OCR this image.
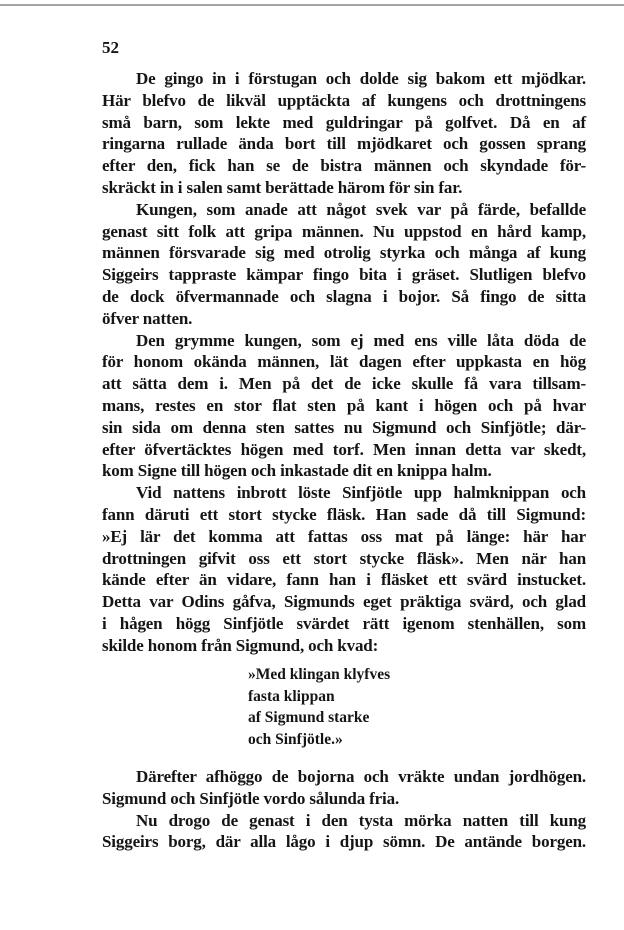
52
De gingo in i förstugan och dolde sig bakom ett mjödkar.
Här blefvo de likväl upptäckta af kungens och drottningens
små barn, som lekte med guldringar på golfvet. Då en af
ringarna rullade ända bort till mjödkaret och gossen sprang
efter den, fick han se de bistra männen och skyndade för-
skräckt in i salen samt berättade härom för sin far.
Kungen, som anade att något svek var på färde, befallde
genast sitt folk att gripa männen. Nu uppstod en hård kamp,
männen försvarade sig med otrolig styrka och många af kung
Siggeirs tappraste kämpar fingo bita i gräset. Slutligen blefvo
de dock öfvermannade och slagna i bojor. Så fingo de sitta
öfver natten.
Den grymme kungen, som ej med ens ville låta döda de
för honom okända männen, lät dagen efter uppkasta en hög
att sätta dem i. Men på det de icke skulle få vara tillsam-
mans, restes en stor flat sten på kant i högen och på hvar
sin sida om denna sten sattes nu Sigmund och Sinfjötle; där-
efter öfvertäcktes högen med torf. Men innan detta var skedt,
kom Signe till högen och inkastade dit en knippa halm.
Vid nattens inbrott löste Sinfjötle upp halmknippan och
fann däruti ett stort stycke fläsk. Han sade då till Sigmund:
»Ej lär det komma att fattas oss mat på länge: här har
drottningen gifvit oss ett stort stycke fläsk». Men när han
kände efter än vidare, fann han i fläsket ett svärd instucket.
Detta var Odins gåfva, Sigmunds eget präktiga svärd, och glad
i hågen högg Sinfjötle svärdet rätt igenom stenhällen, som
skilde honom från Sigmund, och kvad:
»Med klingan klyfves
fasta klippan
af Sigmund starke
och Sinfjötle.»
Därefter afhöggo de bojorna och vräkte undan jordhögen.
Sigmund och Sinfjötle vordo sålunda fria.
Nu drogo de genast i den tysta mörka natten till kung
Siggeirs borg, där alla lågo i djup sömn. De antände borgen.
